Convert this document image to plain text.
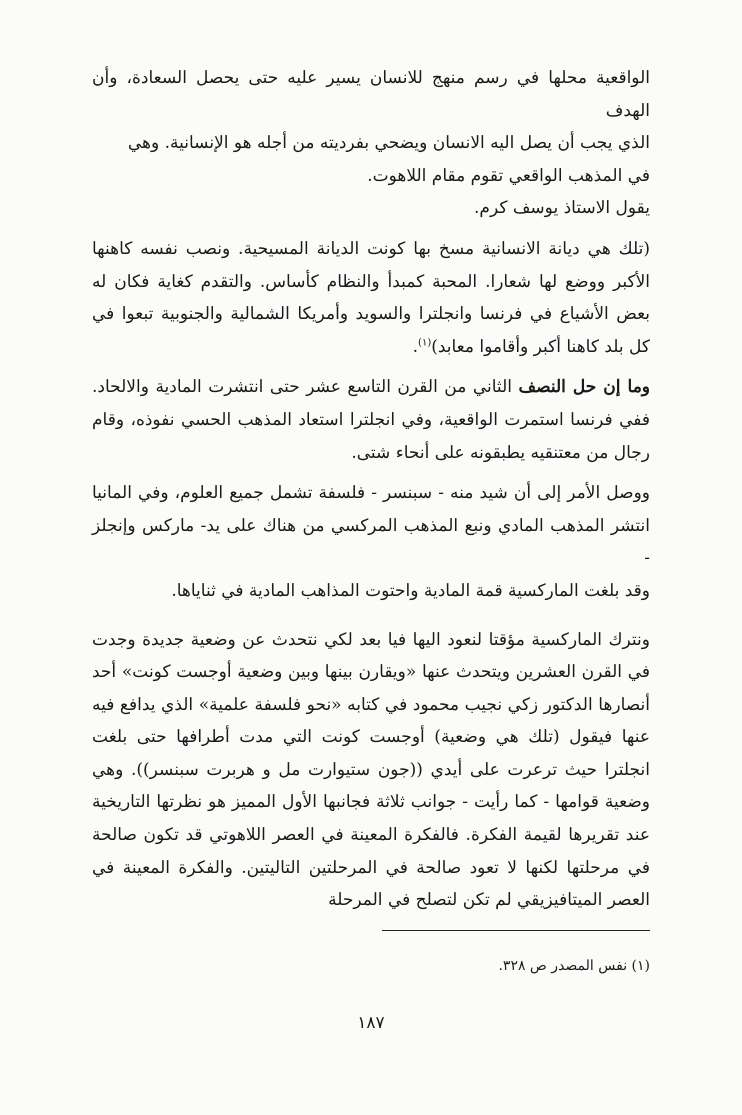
الواقعية محلها في رسم منهج للانسان يسير عليه حتى يحصل السعادة، وأن الهدف

الذي يجب أن يصل اليه الانسان ويضحي بفرديته من أجله هو الإنسانية. وهي

في المذهب الواقعي تقوم مقام اللاهوت.

يقول الاستاذ يوسف كرم.

(تلك هي ديانة الانسانية مسخ بها كونت الديانة المسيحية. ونصب نفسه كاهنها الأكبر ووضع لها شعارا. المحبة كمبدأ والنظام كأساس. والتقدم كغاية فكان له بعض الأشياع في فرنسا وانجلترا والسويد وأمريكا الشمالية والجنوبية تبعوا في كل بلد كاهنا أكبر وأقاموا معابد)$^{(١)}$.

وما إن حل النصف الثاني من القرن التاسع عشر حتى انتشرت المادية والالحاد. ففي فرنسا استمرت الواقعية، وفي انجلترا استعاد المذهب الحسي نفوذه، وقام رجال من معتنقيه يطبقونه على أنحاء شتى.

ووصل الأمر إلى أن شيد منه - سبنسر - فلسفة تشمل جميع العلوم، وفي المانيا انتشر المذهب المادي ونبع المذهب المركسي من هناك على يد- ماركس وإنجلز -

وقد بلغت الماركسية قمة المادية واحتوت المذاهب المادية في ثناياها.

ونترك الماركسية مؤقتا لنعود اليها فيا بعد لكي نتحدث عن وضعية جديدة وجدت في القرن العشرين ويتحدث عنها «ويقارن بينها وبين وضعية أوجست كونت» أحد أنصارها الدكتور زكي نجيب محمود في كتابه «نحو فلسفة علمية» الذي يدافع فيه عنها فيقول (تلك هي وضعية) أوجست كونت التي مدت أطرافها حتى بلغت انجلترا حيث ترعرت على أيدي ((جون ستيوارت مل و هربرت سبنسر)). وهي وضعية قوامها - كما رأيت - جوانب ثلاثة فجانبها الأول المميز هو نظرتها التاريخية عند تقريرها لقيمة الفكرة. فالفكرة المعينة في العصر اللاهوتي قد تكون صالحة في مرحلتها لكنها لا تعود صالحة في المرحلتين التاليتين. والفكرة المعينة في العصر الميتافيزيقي لم تكن لتصلح في المرحلة

(١) نفس المصدر ص ٣٢٨.
١٨٧
